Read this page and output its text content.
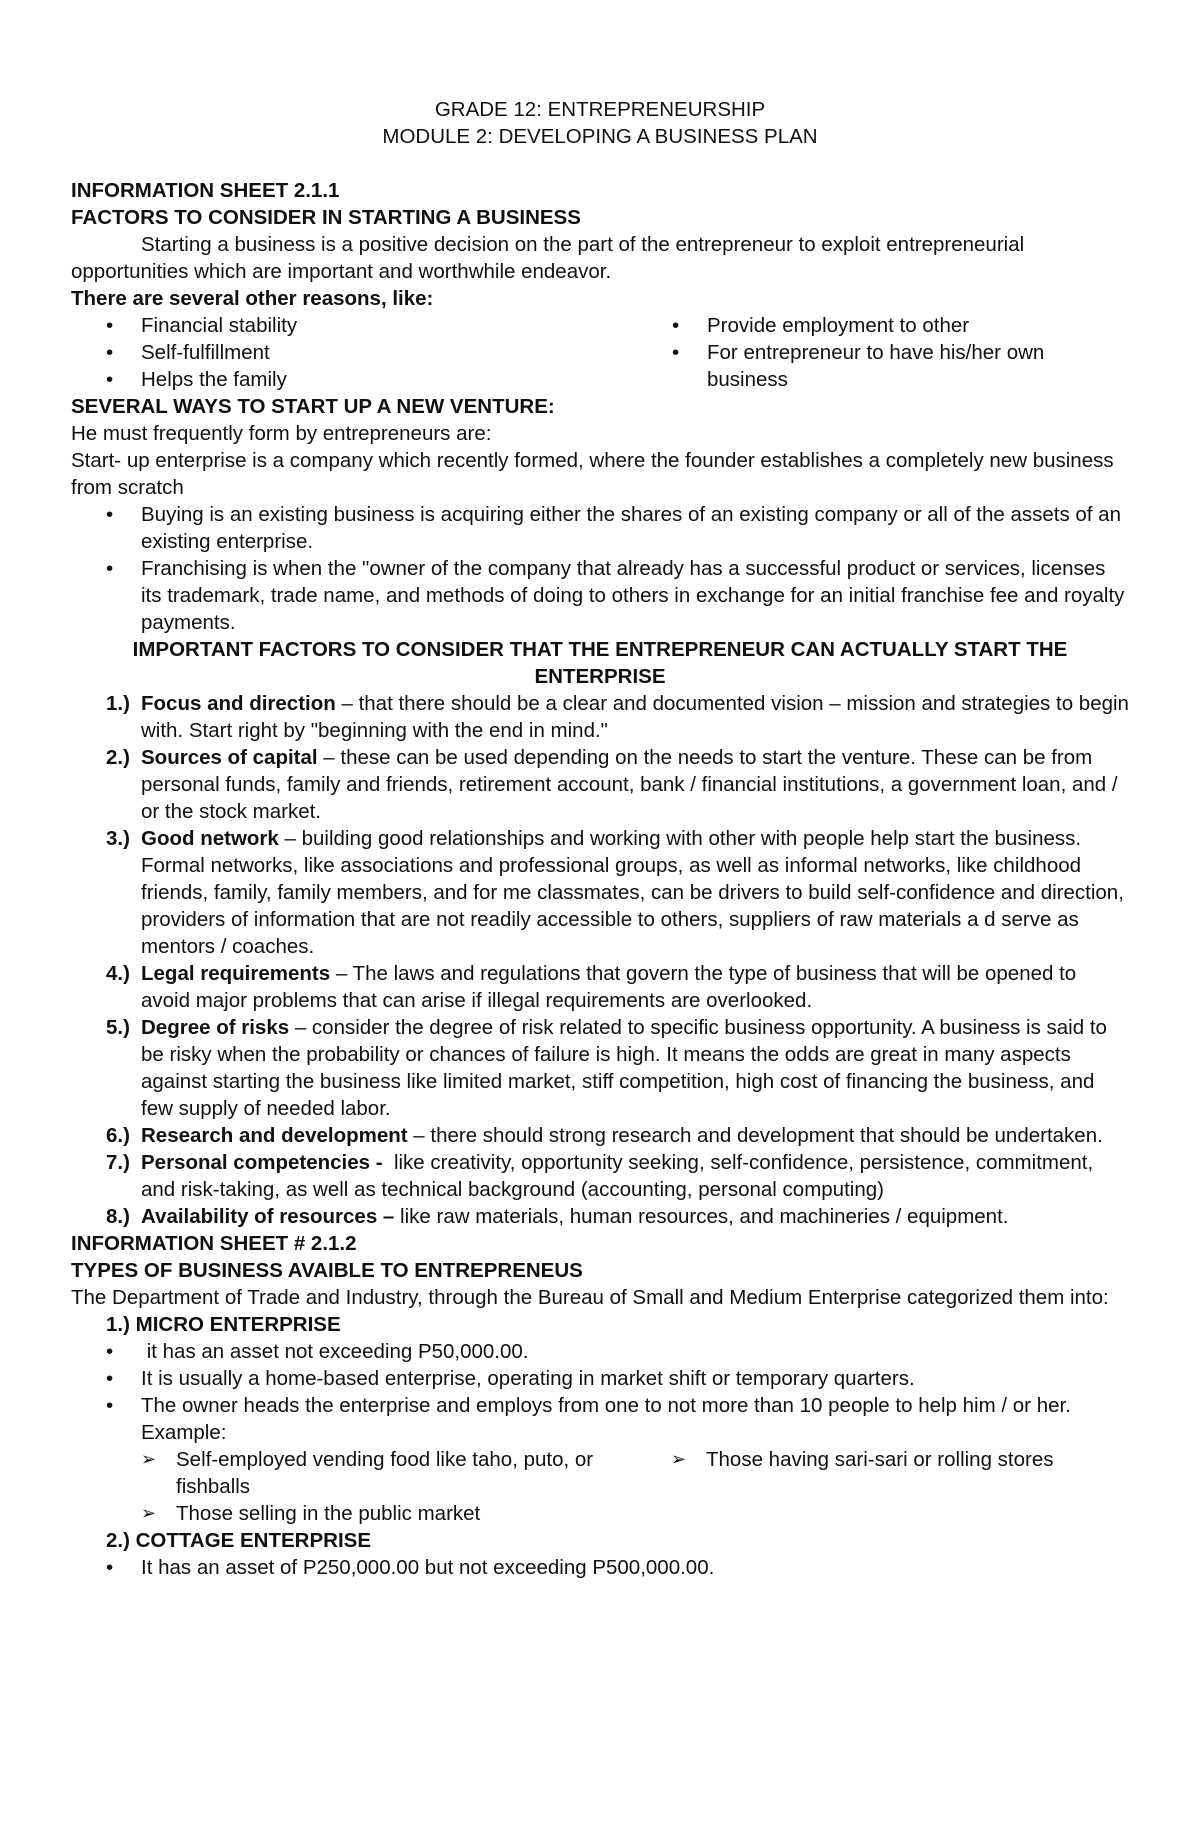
GRADE 12: ENTREPRENEURSHIP

MODULE 2: DEVELOPING A BUSINESS PLAN

INFORMATION SHEET 2.1.1

FACTORS TO CONSIDER IN STARTING A BUSINESS

Starting a business is a positive decision on the part of the entrepreneur to exploit entrepreneurial opportunities which are important and worthwhile endeavor.

There are several other reasons, like:

• Financial stability
• Self-fulfillment
• Helps the family
• Provide employment to other
• For entrepreneur to have his/her own business

SEVERAL WAYS TO START UP A NEW VENTURE:

He must frequently form by entrepreneurs are:

Start- up enterprise is a company which recently formed, where the founder establishes a completely new business from scratch

• Buying is an existing business is acquiring either the shares of an existing company or all of the assets of an existing enterprise.
• Franchising is when the "owner of the company that already has a successful product or services, licenses its trademark, trade name, and methods of doing to others in exchange for an initial franchise fee and royalty payments.

IMPORTANT FACTORS TO CONSIDER THAT THE ENTREPRENEUR CAN ACTUALLY START THE ENTERPRISE

1.) Focus and direction – that there should be a clear and documented vision – mission and strategies to begin with. Start right by "beginning with the end in mind."
2.) Sources of capital – these can be used depending on the needs to start the venture. These can be from personal funds, family and friends, retirement account, bank / financial institutions, a government loan, and / or the stock market.
3.) Good network – building good relationships and working with other with people help start the business. Formal networks, like associations and professional groups, as well as informal networks, like childhood friends, family, family members, and for me classmates, can be drivers to build self-confidence and direction, providers of information that are not readily accessible to others, suppliers of raw materials a d serve as mentors / coaches.
4.) Legal requirements – The laws and regulations that govern the type of business that will be opened to avoid major problems that can arise if illegal requirements are overlooked.
5.) Degree of risks – consider the degree of risk related to specific business opportunity. A business is said to be risky when the probability or chances of failure is high. It means the odds are great in many aspects against starting the business like limited market, stiff competition, high cost of financing the business, and few supply of needed labor.
6.) Research and development – there should strong research and development that should be undertaken.
7.) Personal competencies - like creativity, opportunity seeking, self-confidence, persistence, commitment, and risk-taking, as well as technical background (accounting, personal computing)
8.) Availability of resources – like raw materials, human resources, and machineries / equipment.

INFORMATION SHEET # 2.1.2

TYPES OF BUSINESS AVAIBLE TO ENTREPRENEUS

The Department of Trade and Industry, through the Bureau of Small and Medium Enterprise categorized them into:

1.) MICRO ENTERPRISE

• it has an asset not exceeding P50,000.00.
• It is usually a home-based enterprise, operating in market shift or temporary quarters.
• The owner heads the enterprise and employs from one to not more than 10 people to help him / or her.

Example:

➢ Self-employed vending food like taho, puto, or fishballs
➢ Those selling in the public market
➢ Those having sari-sari or rolling stores

2.) COTTAGE ENTERPRISE

• It has an asset of P250,000.00 but not exceeding P500,000.00.
